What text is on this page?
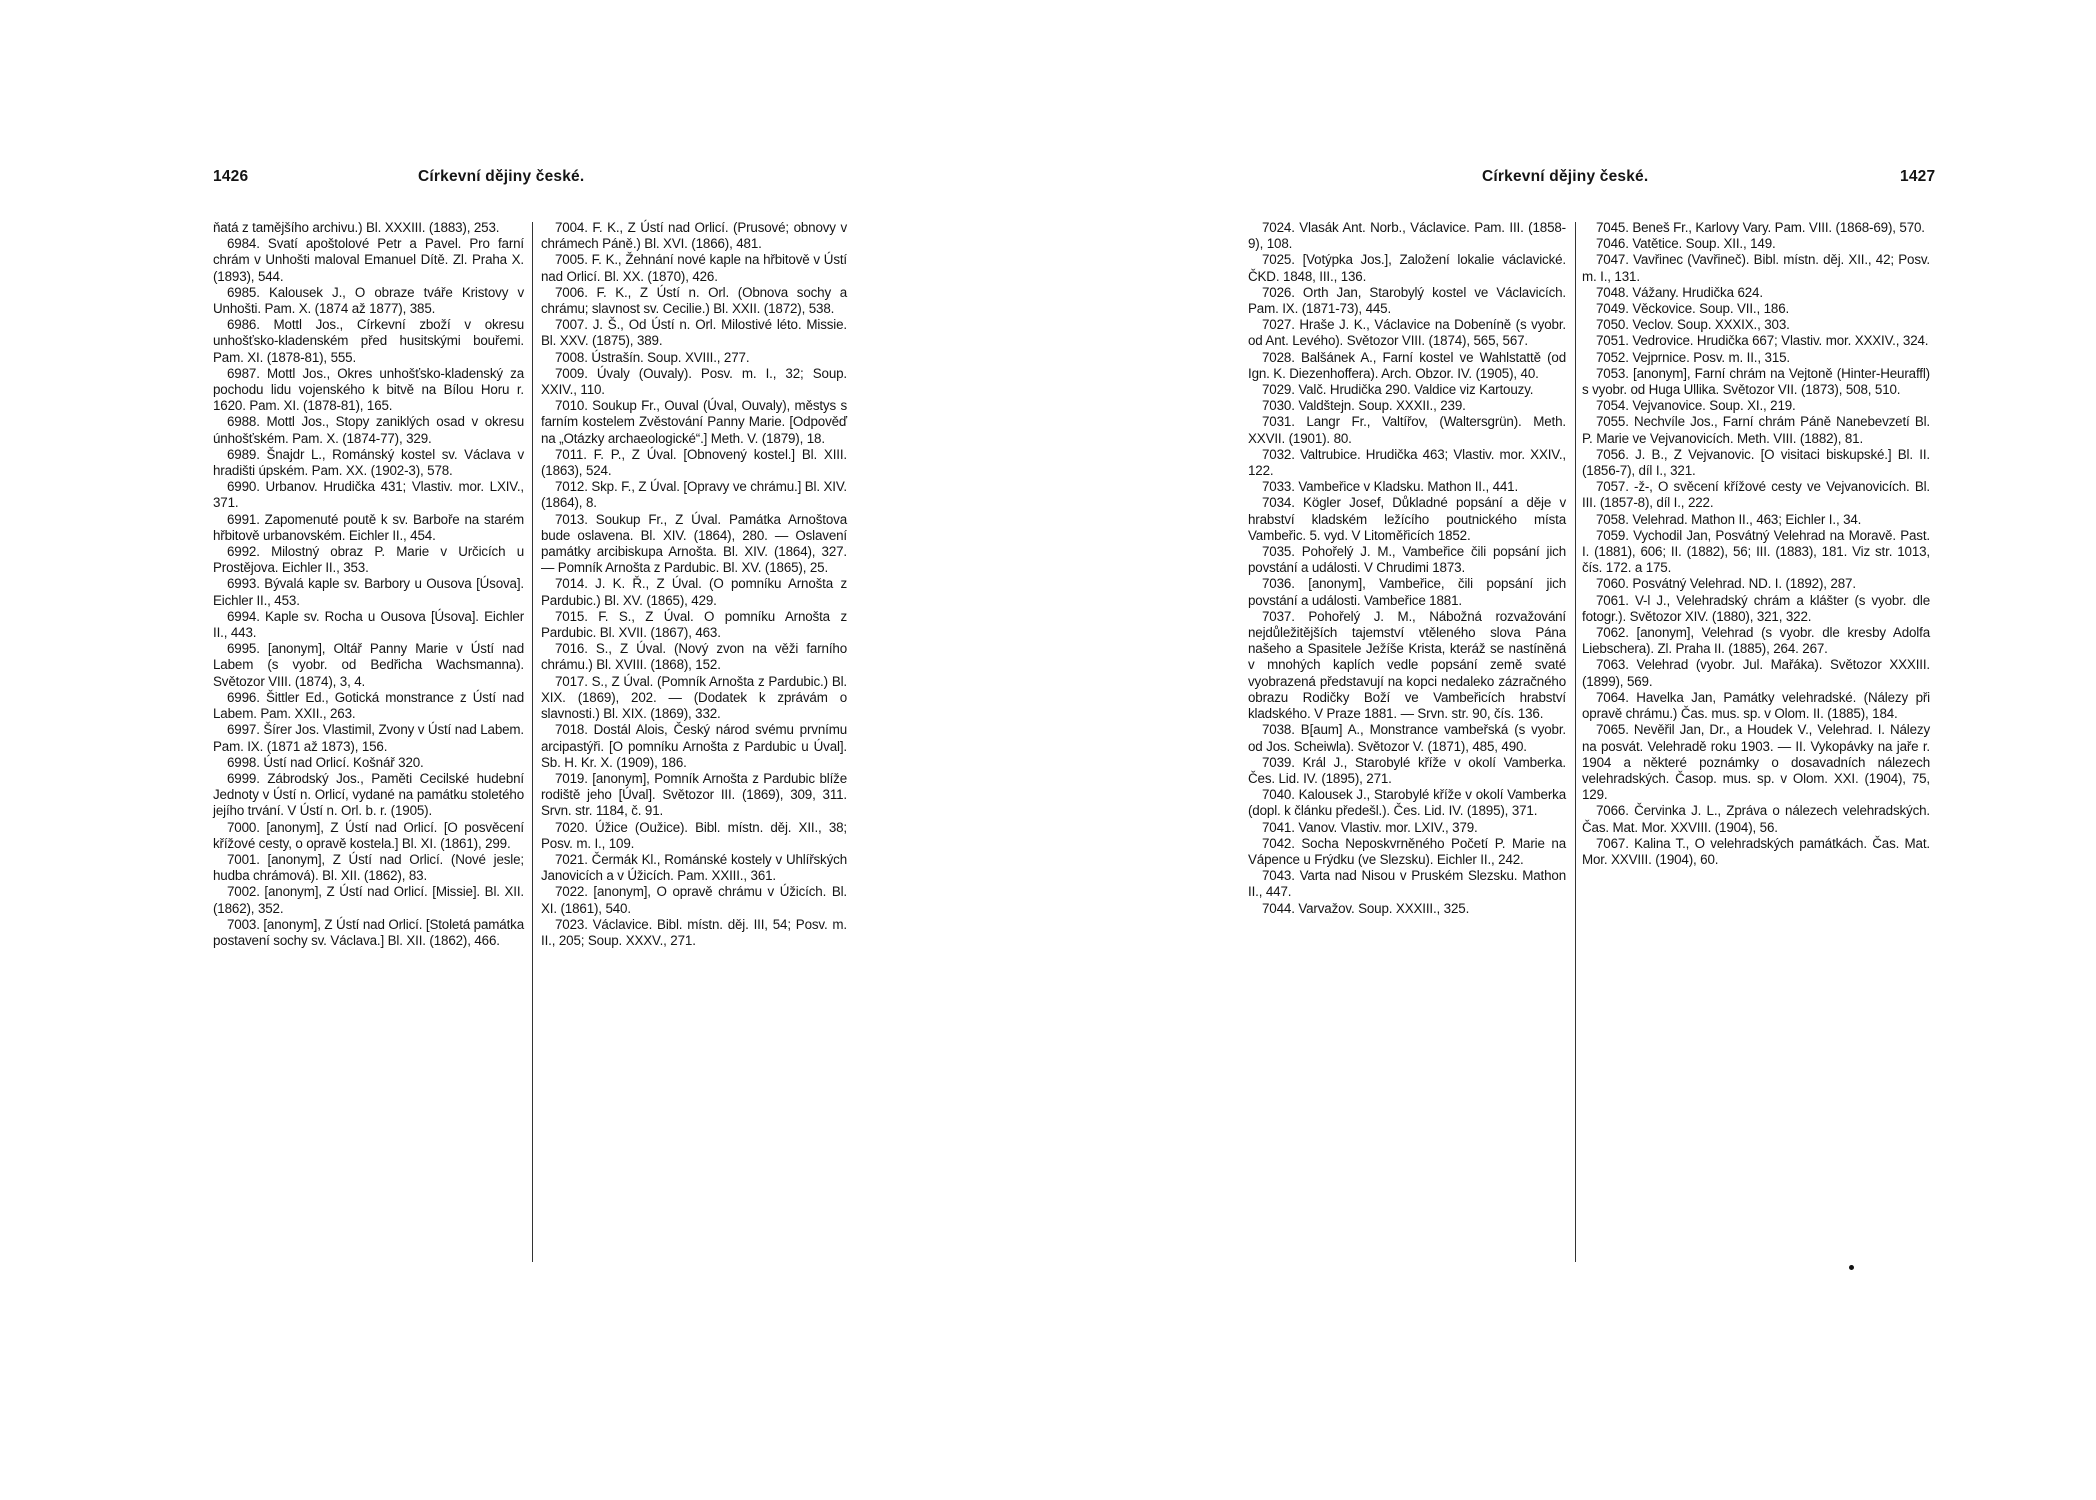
1426	Církevní dějiny české.

ňatá z tamějšího archivu.) Bl. XXXIII. (1883), 253.

6984. Svatí apoštolové Petr a Pavel. Pro farní chrám v Unhošti maloval Emanuel Dítě. Zl. Praha X. (1893), 544.

6985. Kalousek J., O obraze tváře Kristovy v Unhošti. Pam. X. (1874 až 1877), 385.

6986. Mottl Jos., Církevní zboží v okresu unhošťsko-kladenském před husitskými bouřemi. Pam. XI. (1878-81), 555.

6987. Mottl Jos., Okres unhošťsko-kladenský za pochodu lidu vojenského k bitvě na Bílou Horu r. 1620. Pam. XI. (1878-81), 165.

6988. Mottl Jos., Stopy zaniklých osad v okresu únhošťském. Pam. X. (1874-77), 329.

6989. Šnajdr L., Románský kostel sv. Václava v hradišti úpském. Pam. XX. (1902-3), 578.

6990. Urbanov. Hrudička 431; Vlastiv. mor. LXIV., 371.

6991. Zapomenuté poutě k sv. Barboře na starém hřbitově urbanovském. Eichler II., 454.

6992. Milostný obraz P. Marie v Určicích u Prostějova. Eichler II., 353.

6993. Bývalá kaple sv. Barbory u Ousova [Úsova]. Eichler II., 453.

6994. Kaple sv. Rocha u Ousova [Úsova]. Eichler II., 443.

6995. [anonym], Oltář Panny Marie v Ústí nad Labem (s vyobr. od Bedřicha Wachsmanna). Světozor VIII. (1874), 3, 4.

6996. Šittler Ed., Gotická monstrance z Ústí nad Labem. Pam. XXII., 263.

6997. Šírer Jos. Vlastimil, Zvony v Ústí nad Labem. Pam. IX. (1871 až 1873), 156.

6998. Ústí nad Orlicí. Košnář 320.

6999. Zábrodský Jos., Paměti Cecilské hudební Jednoty v Ústí n. Orlicí, vydané na památku stoletého jejího trvání. V Ústí n. Orl. b. r. (1905).

7000. [anonym], Z Ústí nad Orlicí. [O posvěcení křížové cesty, o opravě kostela.] Bl. XI. (1861), 299.

7001. [anonym], Z Ústí nad Orlicí. (Nové jesle; hudba chrámová). Bl. XII. (1862), 83.

7002. [anonym], Z Ústí nad Orlicí. [Missie]. Bl. XII. (1862), 352.

7003. [anonym], Z Ústí nad Orlicí. [Stoletá památka postavení sochy sv. Václava.] Bl. XII. (1862), 466.

7004. F. K., Z Ústí nad Orlicí. (Prusové; obnovy v chrámech Páně.) Bl. XVI. (1866), 481.

7005. F. K., Žehnání nové kaple na hřbitově v Ústí nad Orlicí. Bl. XX. (1870), 426.

7006. F. K., Z Ústí n. Orl. (Obnova sochy a chrámu; slavnost sv. Cecilie.) Bl. XXII. (1872), 538.

7007. J. Š., Od Ústí n. Orl. Milostivé léto. Missie. Bl. XXV. (1875), 389.

7008. Ústrašín. Soup. XVIII., 277.

7009. Úvaly (Ouvaly). Posv. m. I., 32; Soup. XXIV., 110.

7010. Soukup Fr., Ouval (Úval, Ouvaly), městys s farním kostelem Zvěstování Panny Marie. [Odpověď na „Otázky archaeologické“.] Meth. V. (1879), 18.

7011. F. P., Z Úval. [Obnovený kostel.] Bl. XIII. (1863), 524.

7012. Skp. F., Z Úval. [Opravy ve chrámu.] Bl. XIV. (1864), 8.

7013. Soukup Fr., Z Úval. Památka Arnoštova bude oslavena. Bl. XIV. (1864), 280. — Oslavení památky arcibiskupa Arnošta. Bl. XIV. (1864), 327. — Pomník Arnošta z Pardubic. Bl. XV. (1865), 25.

7014. J. K. Ř., Z Úval. (O pomníku Arnošta z Pardubic.) Bl. XV. (1865), 429.

7015. F. S., Z Úval. O pomníku Arnošta z Pardubic. Bl. XVII. (1867), 463.

7016. S., Z Úval. (Nový zvon na věži farního chrámu.) Bl. XVIII. (1868), 152.

7017. S., Z Úval. (Pomník Arnošta z Pardubic.) Bl. XIX. (1869), 202. — (Dodatek k zprávám o slavnosti.) Bl. XIX. (1869), 332.

7018. Dostál Alois, Český národ svému prvnímu arcipastýři. [O pomníku Arnošta z Pardubic u Úval]. Sb. H. Kr. X. (1909), 186.

7019. [anonym], Pomník Arnošta z Pardubic blíže rodiště jeho [Úval]. Světozor III. (1869), 309, 311. Srvn. str. 1184, č. 91.

7020. Úžice (Oužice). Bibl. místn. děj. XII., 38; Posv. m. I., 109.

7021. Čermák Kl., Románské kostely v Uhlířských Janovicích a v Úžicích. Pam. XXIII., 361.

7022. [anonym], O opravě chrámu v Úžicích. Bl. XI. (1861), 540.

7023. Václavice. Bibl. místn. děj. III, 54; Posv. m. II., 205; Soup. XXXV., 271.

Církevní dějiny české.	1427

7024. Vlasák Ant. Norb., Václavice. Pam. III. (1858-9), 108.

7025. [Votýpka Jos.], Založení lokalie václavické. ČKD. 1848, III., 136.

7026. Orth Jan, Starobylý kostel ve Václavicích. Pam. IX. (1871-73), 445.

7027. Hraše J. K., Václavice na Dobeníně (s vyobr. od Ant. Levého). Světozor VIII. (1874), 565, 567.

7028. Balšánek A., Farní kostel ve Wahlstattě (od Ign. K. Diezenhoffera). Arch. Obzor. IV. (1905), 40.

7029. Valč. Hrudička 290. Valdice viz Kartouzy.

7030. Valdštejn. Soup. XXXII., 239.

7031. Langr Fr., Valtířov, (Waltersgrün). Meth. XXVII. (1901). 80.

7032. Valtrubice. Hrudička 463; Vlastiv. mor. XXIV., 122.

7033. Vambeřice v Kladsku. Mathon II., 441.

7034. Kögler Josef, Důkladné popsání a děje v hrabství kladském ležícího poutnického místa Vambeřic. 5. vyd. V Litoměřicích 1852.

7035. Pohořelý J. M., Vambeřice čili popsání jich povstání a události. V Chrudimi 1873.

7036. [anonym], Vambeřice, čili popsání jich povstání a události. Vambeřice 1881.

7037. Pohořelý J. M., Nábožná rozvažování nejdůležitějších tajemství vtěleného slova Pána našeho a Spasitele Ježíše Krista, kteráž se nastíněná v mnohých kaplích vedle popsání země svaté vyobrazená představují na kopci nedaleko zázračného obrazu Rodičky Boží ve Vambeřicích hrabství kladského. V Praze 1881. — Srvn. str. 90, čís. 136.

7038. B[aum] A., Monstrance vambeřská (s vyobr. od Jos. Scheiwla). Světozor V. (1871), 485, 490.

7039. Král J., Starobylé kříže v okolí Vamberka. Čes. Lid. IV. (1895), 271.

7040. Kalousek J., Starobylé kříže v okolí Vamberka (dopl. k článku předešl.). Čes. Lid. IV. (1895), 371.

7041. Vanov. Vlastiv. mor. LXIV., 379.

7042. Socha Neposkvrněného Početí P. Marie na Vápence u Frýdku (ve Slezsku). Eichler II., 242.

7043. Varta nad Nisou v Pruském Slezsku. Mathon II., 447.

7044. Varvažov. Soup. XXXIII., 325.

7045. Beneš Fr., Karlovy Vary. Pam. VIII. (1868-69), 570.

7046. Vatětice. Soup. XII., 149.

7047. Vavřinec (Vavřineč). Bibl. místn. děj. XII., 42; Posv. m. I., 131.

7048. Vážany. Hrudička 624.

7049. Věckovice. Soup. VII., 186.

7050. Veclov. Soup. XXXIX., 303.

7051. Vedrovice. Hrudička 667; Vlastiv. mor. XXXIV., 324.

7052. Vejprnice. Posv. m. II., 315.

7053. [anonym], Farní chrám na Vejtoně (Hinter-Heuraffl) s vyobr. od Huga Ullika. Světozor VII. (1873), 508, 510.

7054. Vejvanovice. Soup. XI., 219.

7055. Nechvíle Jos., Farní chrám Páně Nanebevzetí Bl. P. Marie ve Vejvanovicích. Meth. VIII. (1882), 81.

7056. J. B., Z Vejvanovic. [O visitaci biskupské.] Bl. II. (1856-7), díl I., 321.

7057. -ž-, O svěcení křížové cesty ve Vejvanovicích. Bl. III. (1857-8), díl I., 222.

7058. Velehrad. Mathon II., 463; Eichler I., 34.

7059. Vychodil Jan, Posvátný Velehrad na Moravě. Past. I. (1881), 606; II. (1882), 56; III. (1883), 181. Viz str. 1013, čís. 172. a 175.

7060. Posvátný Velehrad. ND. I. (1892), 287.

7061. V-l J., Velehradský chrám a klášter (s vyobr. dle fotogr.). Světozor XIV. (1880), 321, 322.

7062. [anonym], Velehrad (s vyobr. dle kresby Adolfa Liebschera). Zl. Praha II. (1885), 264. 267.

7063. Velehrad (vyobr. Jul. Mařáka). Světozor XXXIII. (1899), 569.

7064. Havelka Jan, Památky velehradské. (Nálezy při opravě chrámu.) Čas. mus. sp. v Olom. II. (1885), 184.

7065. Nevěřil Jan, Dr., a Houdek V., Velehrad. I. Nálezy na posvát. Velehradě roku 1903. — II. Vykopávky na jaře r. 1904 a některé poznámky o dosavadních nálezech velehradských. Časop. mus. sp. v Olom. XXI. (1904), 75, 129.

7066. Červinka J. L., Zpráva o nálezech velehradských. Čas. Mat. Mor. XXVIII. (1904), 56.

7067. Kalina T., O velehradských památkách. Čas. Mat. Mor. XXVIII. (1904), 60.
